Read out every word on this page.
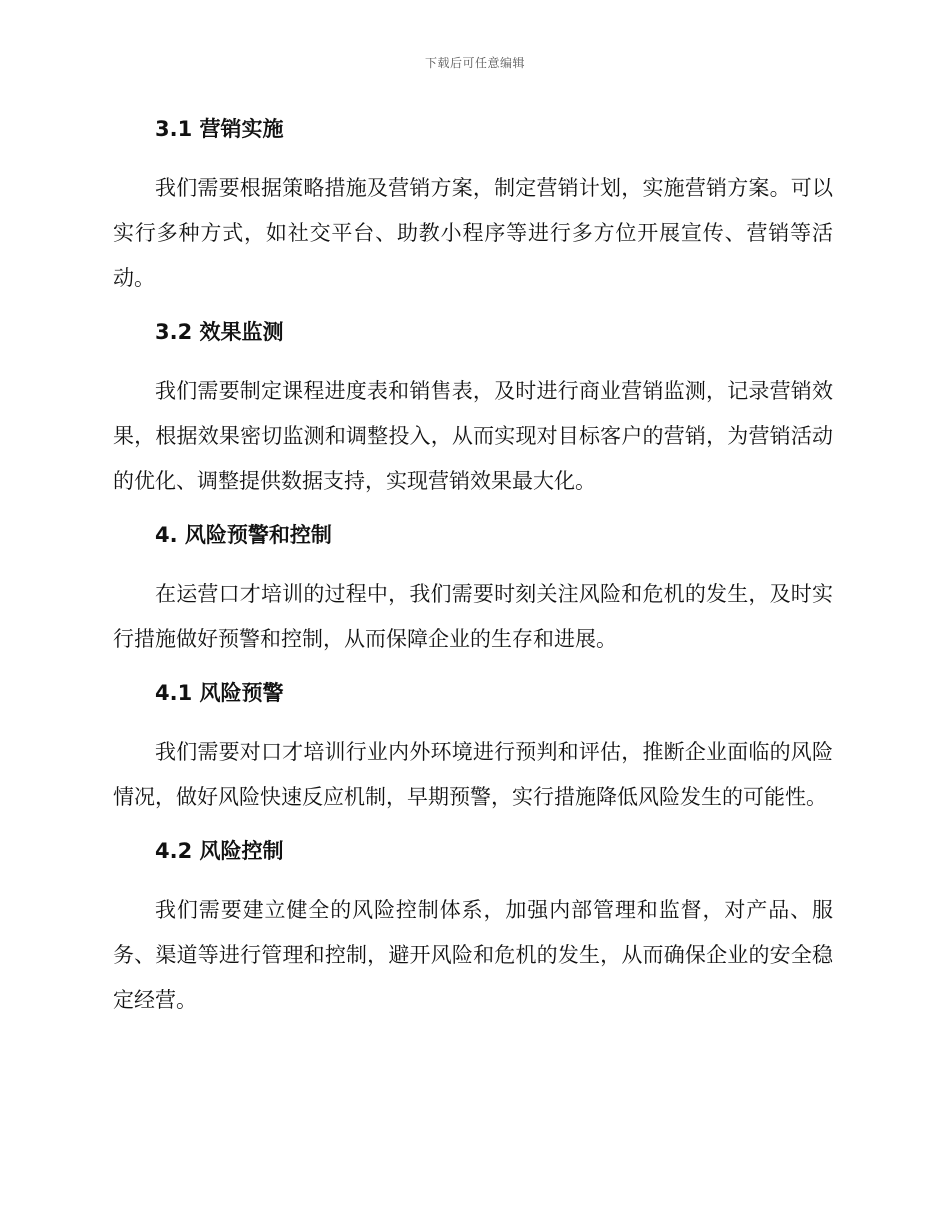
下载后可任意编辑
3.1 营销实施

我们需要根据策略措施及营销方案，制定营销计划，实施营销方案。可以实行多种方式，如社交平台、助教小程序等进行多方位开展宣传、营销等活动。

3.2 效果监测

我们需要制定课程进度表和销售表，及时进行商业营销监测，记录营销效果，根据效果密切监测和调整投入，从而实现对目标客户的营销，为营销活动的优化、调整提供数据支持，实现营销效果最大化。

4. 风险预警和控制

在运营口才培训的过程中，我们需要时刻关注风险和危机的发生，及时实行措施做好预警和控制，从而保障企业的生存和进展。

4.1 风险预警

我们需要对口才培训行业内外环境进行预判和评估，推断企业面临的风险情况，做好风险快速反应机制，早期预警，实行措施降低风险发生的可能性。

4.2 风险控制

我们需要建立健全的风险控制体系，加强内部管理和监督，对产品、服务、渠道等进行管理和控制，避开风险和危机的发生，从而确保企业的安全稳定经营。
